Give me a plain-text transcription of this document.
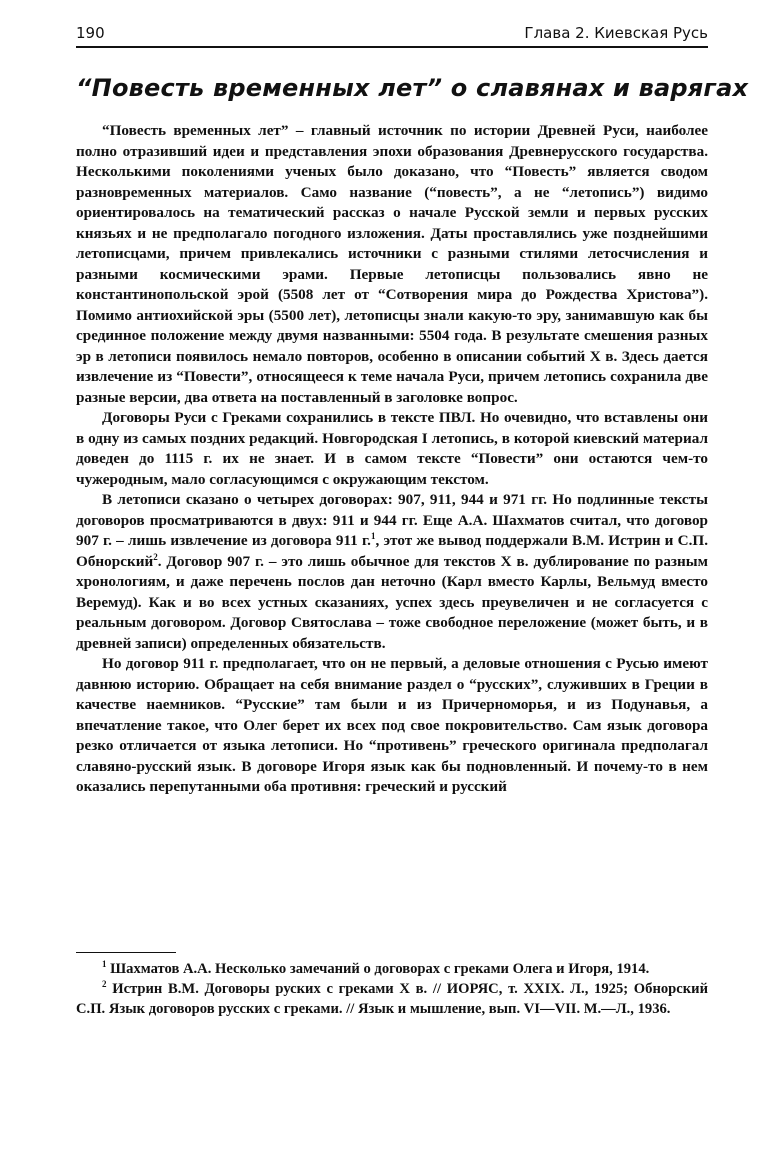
190	Глава 2. Киевская Русь
“Повесть временных лет” о славянах и варягах

“Повесть временных лет” – главный источник по истории Древней Руси, наиболее полно отразивший идеи и представления эпохи образования Древнерусского государства. Несколькими поколениями ученых было доказано, что “Повесть” является сводом разновременных материалов. Само название (“повесть”, а не “летопись”) видимо ориентировалось на тематический рассказ о начале Русской земли и первых русских князьях и не предполагало погодного изложения. Даты проставлялись уже позднейшими летописцами, причем привлекались источники с разными стилями летосчисления и разными космическими эрами. Первые летописцы пользовались явно не константинопольской эрой (5508 лет от “Сотворения мира до Рождества Христова”). Помимо антиохийской эры (5500 лет), летописцы знали какую-то эру, занимавшую как бы срединное положение между двумя названными: 5504 года. В результате смешения разных эр в летописи появилось немало повторов, особенно в описании событий X в. Здесь дается извлечение из “Повести”, относящееся к теме начала Руси, причем летопись сохранила две разные версии, два ответа на поставленный в заголовке вопрос.

Договоры Руси с Греками сохранились в тексте ПВЛ. Но очевидно, что вставлены они в одну из самых поздних редакций. Новгородская I летопись, в которой киевский материал доведен до 1115 г. их не знает. И в самом тексте “Повести” они остаются чем-то чужеродным, мало согласующимся с окружающим текстом.

В летописи сказано о четырех договорах: 907, 911, 944 и 971 гг. Но подлинные тексты договоров просматриваются в двух: 911 и 944 гг. Еще А.А. Шахматов считал, что договор 907 г. – лишь извлечение из договора 911 г.$^1$, этот же вывод поддержали В.М. Истрин и С.П. Обнорский$^2$. Договор 907 г. – это лишь обычное для текстов X в. дублирование по разным хронологиям, и даже перечень послов дан неточно (Карл вместо Карлы, Вельмуд вместо Веремуд). Как и во всех устных сказаниях, успех здесь преувеличен и не согласуется с реальным договором. Договор Святослава – тоже свободное переложение (может быть, и в древней записи) определенных обязательств.

Но договор 911 г. предполагает, что он не первый, а деловые отношения с Русью имеют давнюю историю. Обращает на себя внимание раздел о “русских”, служивших в Греции в качестве наемников. “Русские” там были и из Причерноморья, и из Подунавья, а впечатление такое, что Олег берет их всех под свое покровительство. Сам язык договора резко отличается от языка летописи. Но “противень” греческого оригинала предполагал славяно-русский язык. В договоре Игоря язык как бы подновленный. И почему-то в нем оказались перепутанными оба противня: греческий и русский

$^1$ Шахматов А.А. Несколько замечаний о договорах с греками Олега и Игоря, 1914.

$^2$ Истрин В.М. Договоры руских с греками X в. // ИОРЯС, т. XXIX. Л., 1925; Обнорский С.П. Язык договоров русских с греками. // Язык и мышление, вып. VI—VII. М.—Л., 1936.
